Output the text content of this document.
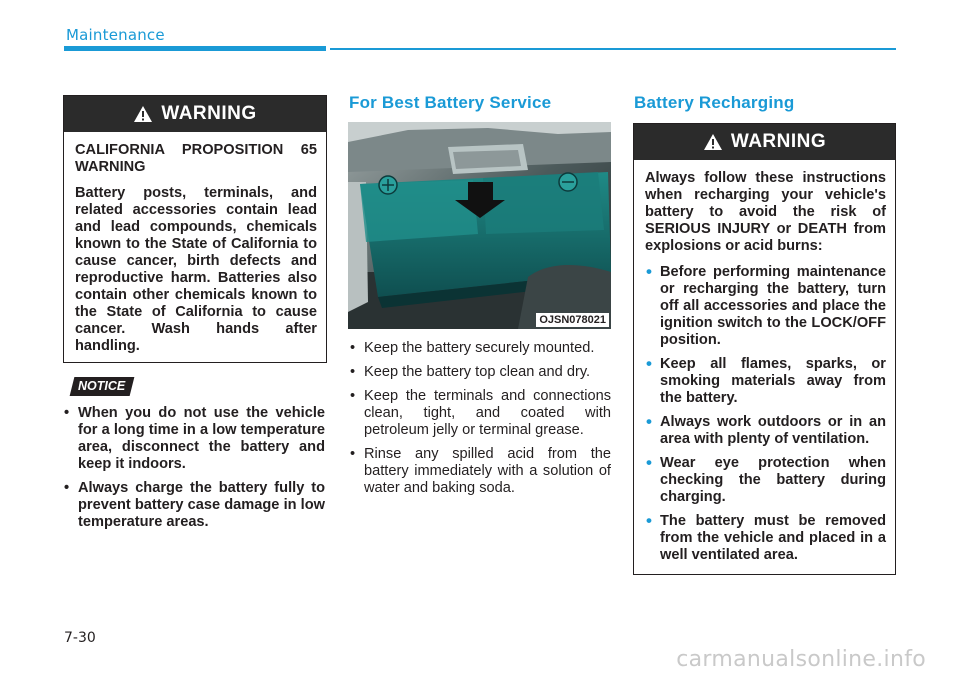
Maintenance
WARNING

CALIFORNIA PROPOSITION 65 WARNING

Battery posts, terminals, and related accessories contain lead and lead compounds, chemicals known to the State of California to cause cancer, birth defects and reproductive harm. Batteries also contain other chemicals known to the State of California to cause cancer. Wash hands after handling.

NOTICE
• When you do not use the vehicle for a long time in a low temperature area, disconnect the battery and keep it indoors.
• Always charge the battery fully to prevent battery case damage in low temperature areas.
For Best Battery Service
OJSN078021
• Keep the battery securely mounted.
• Keep the battery top clean and dry.
• Keep the terminals and connections clean, tight, and coated with petroleum jelly or terminal grease.
• Rinse any spilled acid from the battery immediately with a solution of water and baking soda.
Battery Recharging
WARNING

Always follow these instructions when recharging your vehicle's battery to avoid the risk of SERIOUS INJURY or DEATH from explosions or acid burns:

• Before performing maintenance or recharging the battery, turn off all accessories and place the ignition switch to the LOCK/OFF position.
• Keep all flames, sparks, or smoking materials away from the battery.
• Always work outdoors or in an area with plenty of ventilation.
• Wear eye protection when checking the battery during charging.
• The battery must be removed from the vehicle and placed in a well ventilated area.
7-30
carmanualsonline.info
